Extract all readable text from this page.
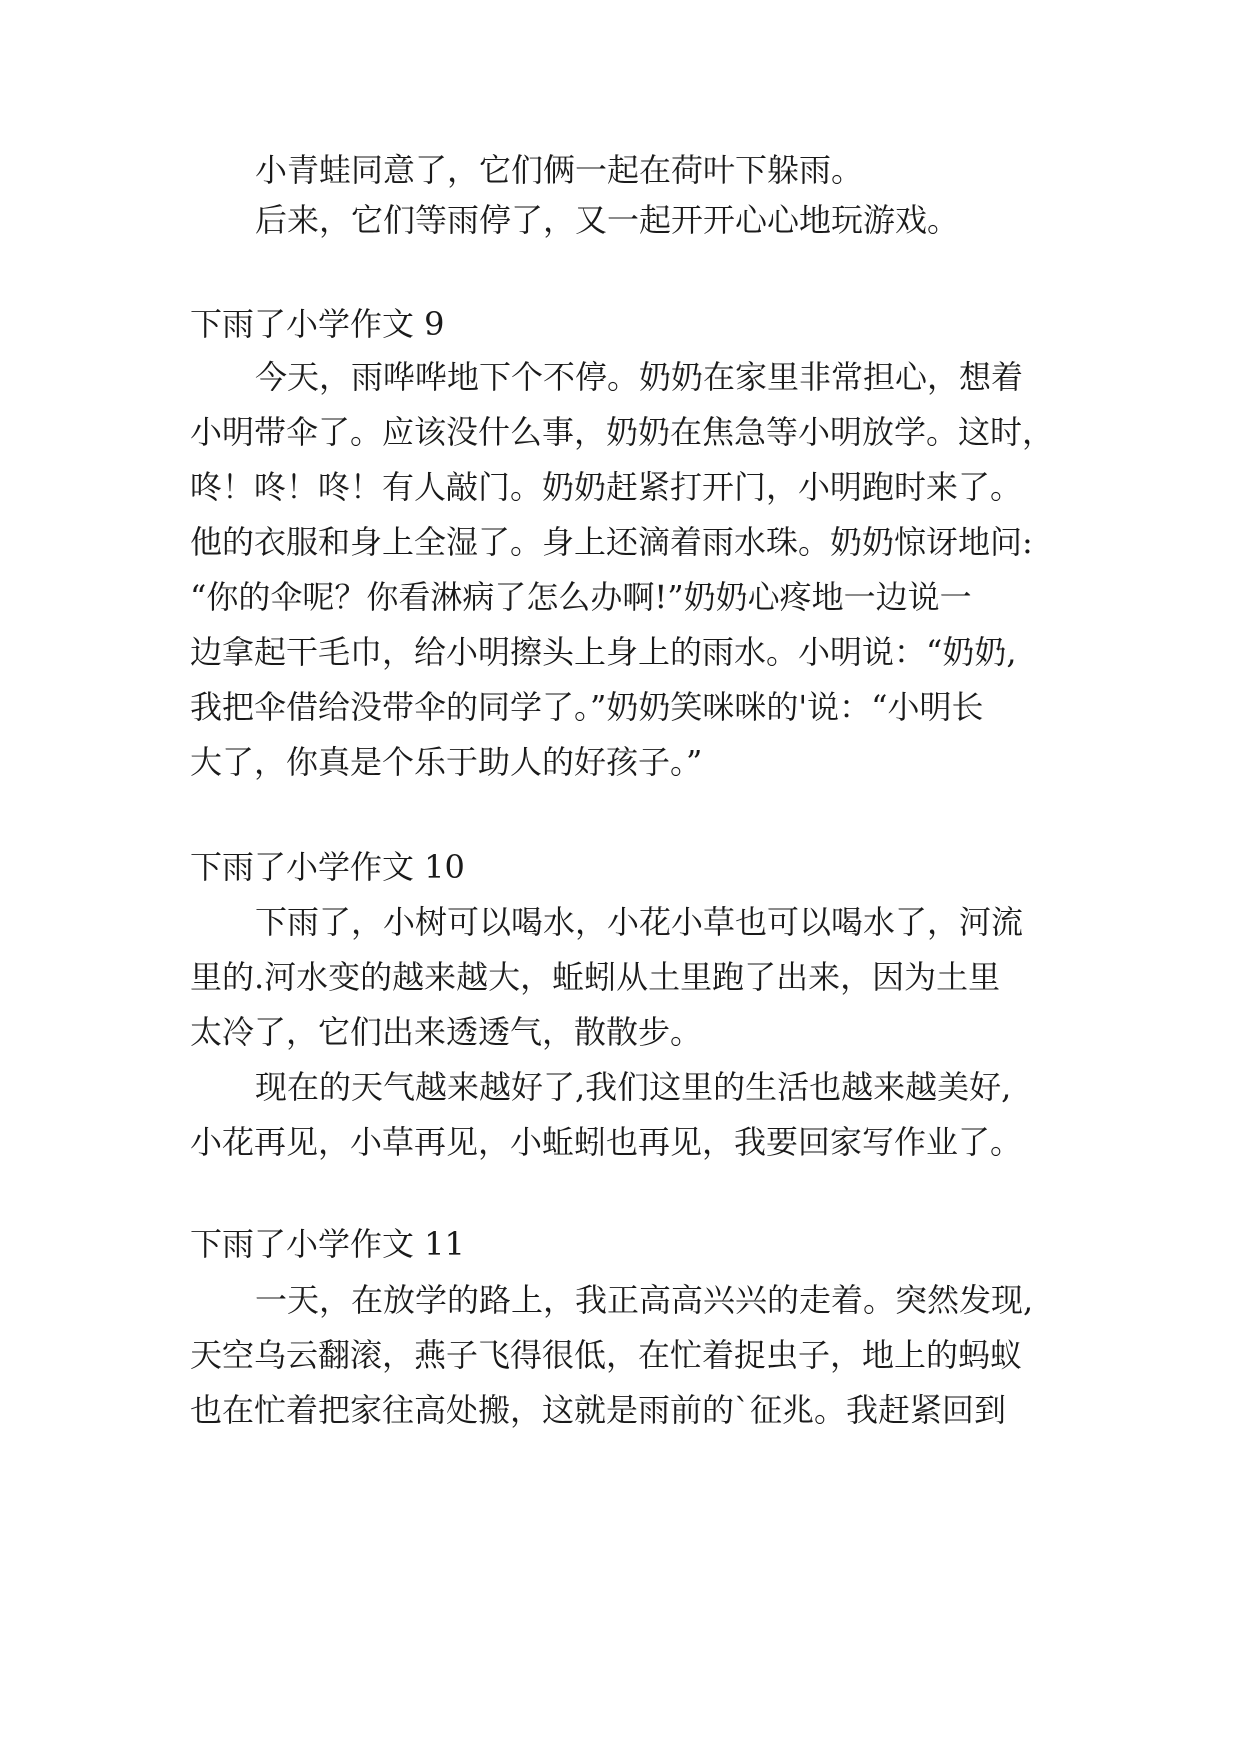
小青蛙同意了，它们俩一起在荷叶下躲雨。

后来，它们等雨停了，又一起开开心心地玩游戏。

下雨了小学作文 9

今天，雨哗哗地下个不停。奶奶在家里非常担心，想着

小明带伞了。应该没什么事，奶奶在焦急等小明放学。这时，

咚！咚！咚！有人敲门。奶奶赶紧打开门，小明跑时来了。

他的衣服和身上全湿了。身上还滴着雨水珠。奶奶惊讶地问:

“你的伞呢？你看淋病了怎么办啊!”奶奶心疼地一边说一

边拿起干毛巾，给小明擦头上身上的雨水。小明说：“奶奶,

我把伞借给没带伞的同学了。”奶奶笑咪咪的'说：“小明长

大了，你真是个乐于助人的好孩子。”

下雨了小学作文 10

下雨了，小树可以喝水，小花小草也可以喝水了，河流

里的.河水变的越来越大，蚯蚓从土里跑了出来，因为土里

太冷了，它们出来透透气，散散步。

现在的天气越来越好了,我们这里的生活也越来越美好,

小花再见，小草再见，小蚯蚓也再见，我要回家写作业了。

下雨了小学作文 11

一天，在放学的路上，我正高高兴兴的走着。突然发现,

天空乌云翻滚，燕子飞得很低，在忙着捉虫子，地上的蚂蚁

也在忙着把家往高处搬，这就是雨前的`征兆。我赶紧回到
